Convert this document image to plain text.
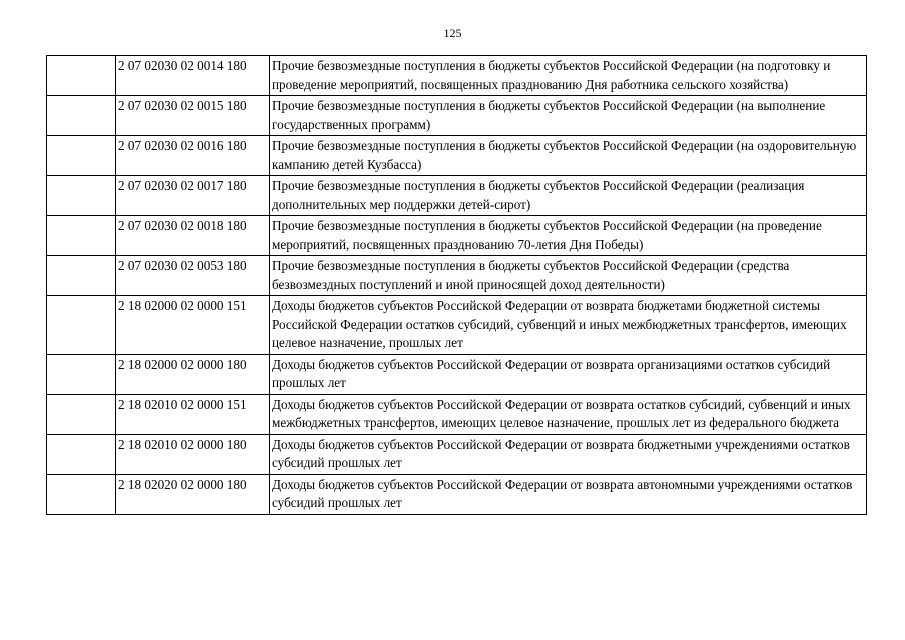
125
	2 07 02030 02 0014 180	Прочие безвозмездные поступления в бюджеты субъектов Российской Федерации (на подготовку и проведение мероприятий, посвященных празднованию Дня работника сельского хозяйства)
	2 07 02030 02 0015 180	Прочие безвозмездные поступления в бюджеты субъектов Российской Федерации (на выполнение государственных программ)
	2 07 02030 02 0016 180	Прочие безвозмездные поступления в бюджеты субъектов Российской Федерации (на оздоровительную кампанию детей Кузбасса)
	2 07 02030 02 0017 180	Прочие безвозмездные поступления в бюджеты субъектов Российской Федерации (реализация дополнительных мер поддержки детей-сирот)
	2 07 02030 02 0018 180	Прочие безвозмездные поступления в бюджеты субъектов Российской Федерации (на проведение мероприятий, посвященных празднованию 70-летия Дня Победы)
	2 07 02030 02 0053 180	Прочие безвозмездные поступления в бюджеты субъектов Российской Федерации (средства безвозмездных поступлений и иной приносящей доход деятельности)
	2 18 02000 02 0000 151	Доходы бюджетов субъектов Российской Федерации от возврата бюджетами бюджетной системы Российской Федерации остатков субсидий, субвенций и иных межбюджетных трансфертов, имеющих целевое назначение, прошлых лет
	2 18 02000 02 0000 180	Доходы бюджетов субъектов Российской Федерации от возврата организациями остатков субсидий прошлых лет
	2 18 02010 02 0000 151	Доходы бюджетов субъектов Российской Федерации от возврата остатков субсидий, субвенций и иных межбюджетных трансфертов, имеющих целевое назначение, прошлых лет из федерального бюджета
	2 18 02010 02 0000 180	Доходы бюджетов субъектов Российской Федерации от возврата бюджетными учреждениями остатков субсидий прошлых лет
	2 18 02020 02 0000 180	Доходы бюджетов субъектов Российской Федерации от возврата автономными учреждениями остатков субсидий прошлых лет
